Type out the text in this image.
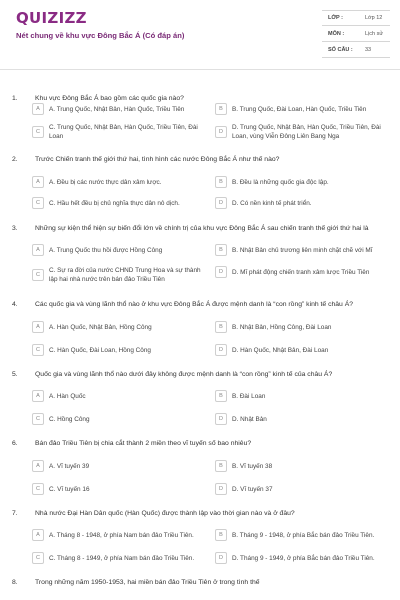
QUIZIZZ
Nét chung về khu vực Đông Bắc Á (Có đáp án)
LỚP :	Lớp 12
MÔN :	Lịch sử
SỐ CÂU : 33
1.	Khu vực Đông Bắc Á bao gồm các quốc gia nào?
A	A. Trung Quốc, Nhật Bản, Hàn Quốc, Triều Tiên	B	B. Trung Quốc, Đài Loan, Hàn Quốc, Triều Tiên
C
C. Trung Quốc, Nhật Bản, Hàn Quốc, Triều Tiên, Đài Loan
D
D. Trung Quốc, Nhật Bản, Hàn Quốc, Triều Tiên, Đài Loan, vùng Viễn Đông Liên Bang Nga
2.	Trước Chiến tranh thế giới thứ hai, tình hình các nước Đông Bắc Á như thế nào?
A	A. Đều bị các nước thực dân xâm lược.	B	B. Đều là những quốc gia độc lập.
C	C. Hầu hết đều bị chủ nghĩa thực dân nô dịch.	D	D. Có nền kinh tế phát triển.
3.	Những sự kiện thể hiện sự biến đổi lớn về chính trị của khu vực Đông Bắc Á sau chiến tranh thế giới thứ hai là
A	A. Trung Quốc thu hồi được Hồng Công	B	B. Nhật Bản chủ trương liên minh chặt chẽ với Mĩ
C
C. Sự ra đời của nước CHND Trung Hoa và sự thành lập hai nhà nước trên bán đảo Triều Tiên
D	D. Mĩ phát động chiến tranh xâm lược Triều Tiên
4.	Các quốc gia và vùng lãnh thổ nào ở khu vực Đông Bắc Á được mệnh danh là “con rồng” kinh tế châu Á?
A	A. Hàn Quốc, Nhật Bản, Hồng Công	B	B. Nhật Bản, Hồng Công, Đài Loan
C	C. Hàn Quốc, Đài Loan, Hồng Công	D	D. Hàn Quốc, Nhật Bản, Đài Loan
5.	Quốc gia và vùng lãnh thổ nào dưới đây không được mệnh danh là “con rồng” kinh tế của châu Á?
A	A. Hàn Quốc	B	B. Đài Loan
C	C. Hồng Công	D	D. Nhật Bản
6.	Bán đảo Triều Tiên bị chia cắt thành 2 miền theo vĩ tuyến số bao nhiêu?
A	A. Vĩ tuyến 39	B	B. Vĩ tuyến 38
C	C. Vĩ tuyến 16	D	D. Vĩ tuyến 37
7.	Nhà nước Đại Hàn Dân quốc (Hàn Quốc) được thành lập vào thời gian nào và ở đâu?
A	A. Tháng 8 - 1948, ở phía Nam bán đảo Triều Tiên.	B	B. Tháng 9 - 1948, ở phía Bắc bán đảo Triều Tiên.
C	C. Tháng 8 - 1949, ở phía Nam bán đảo Triều Tiên.	D	D. Tháng 9 - 1949, ở phía Bắc bán đảo Triều Tiên.
8.	Trong những năm 1950-1953, hai miền bán đảo Triều Tiên ở trong tình thế
